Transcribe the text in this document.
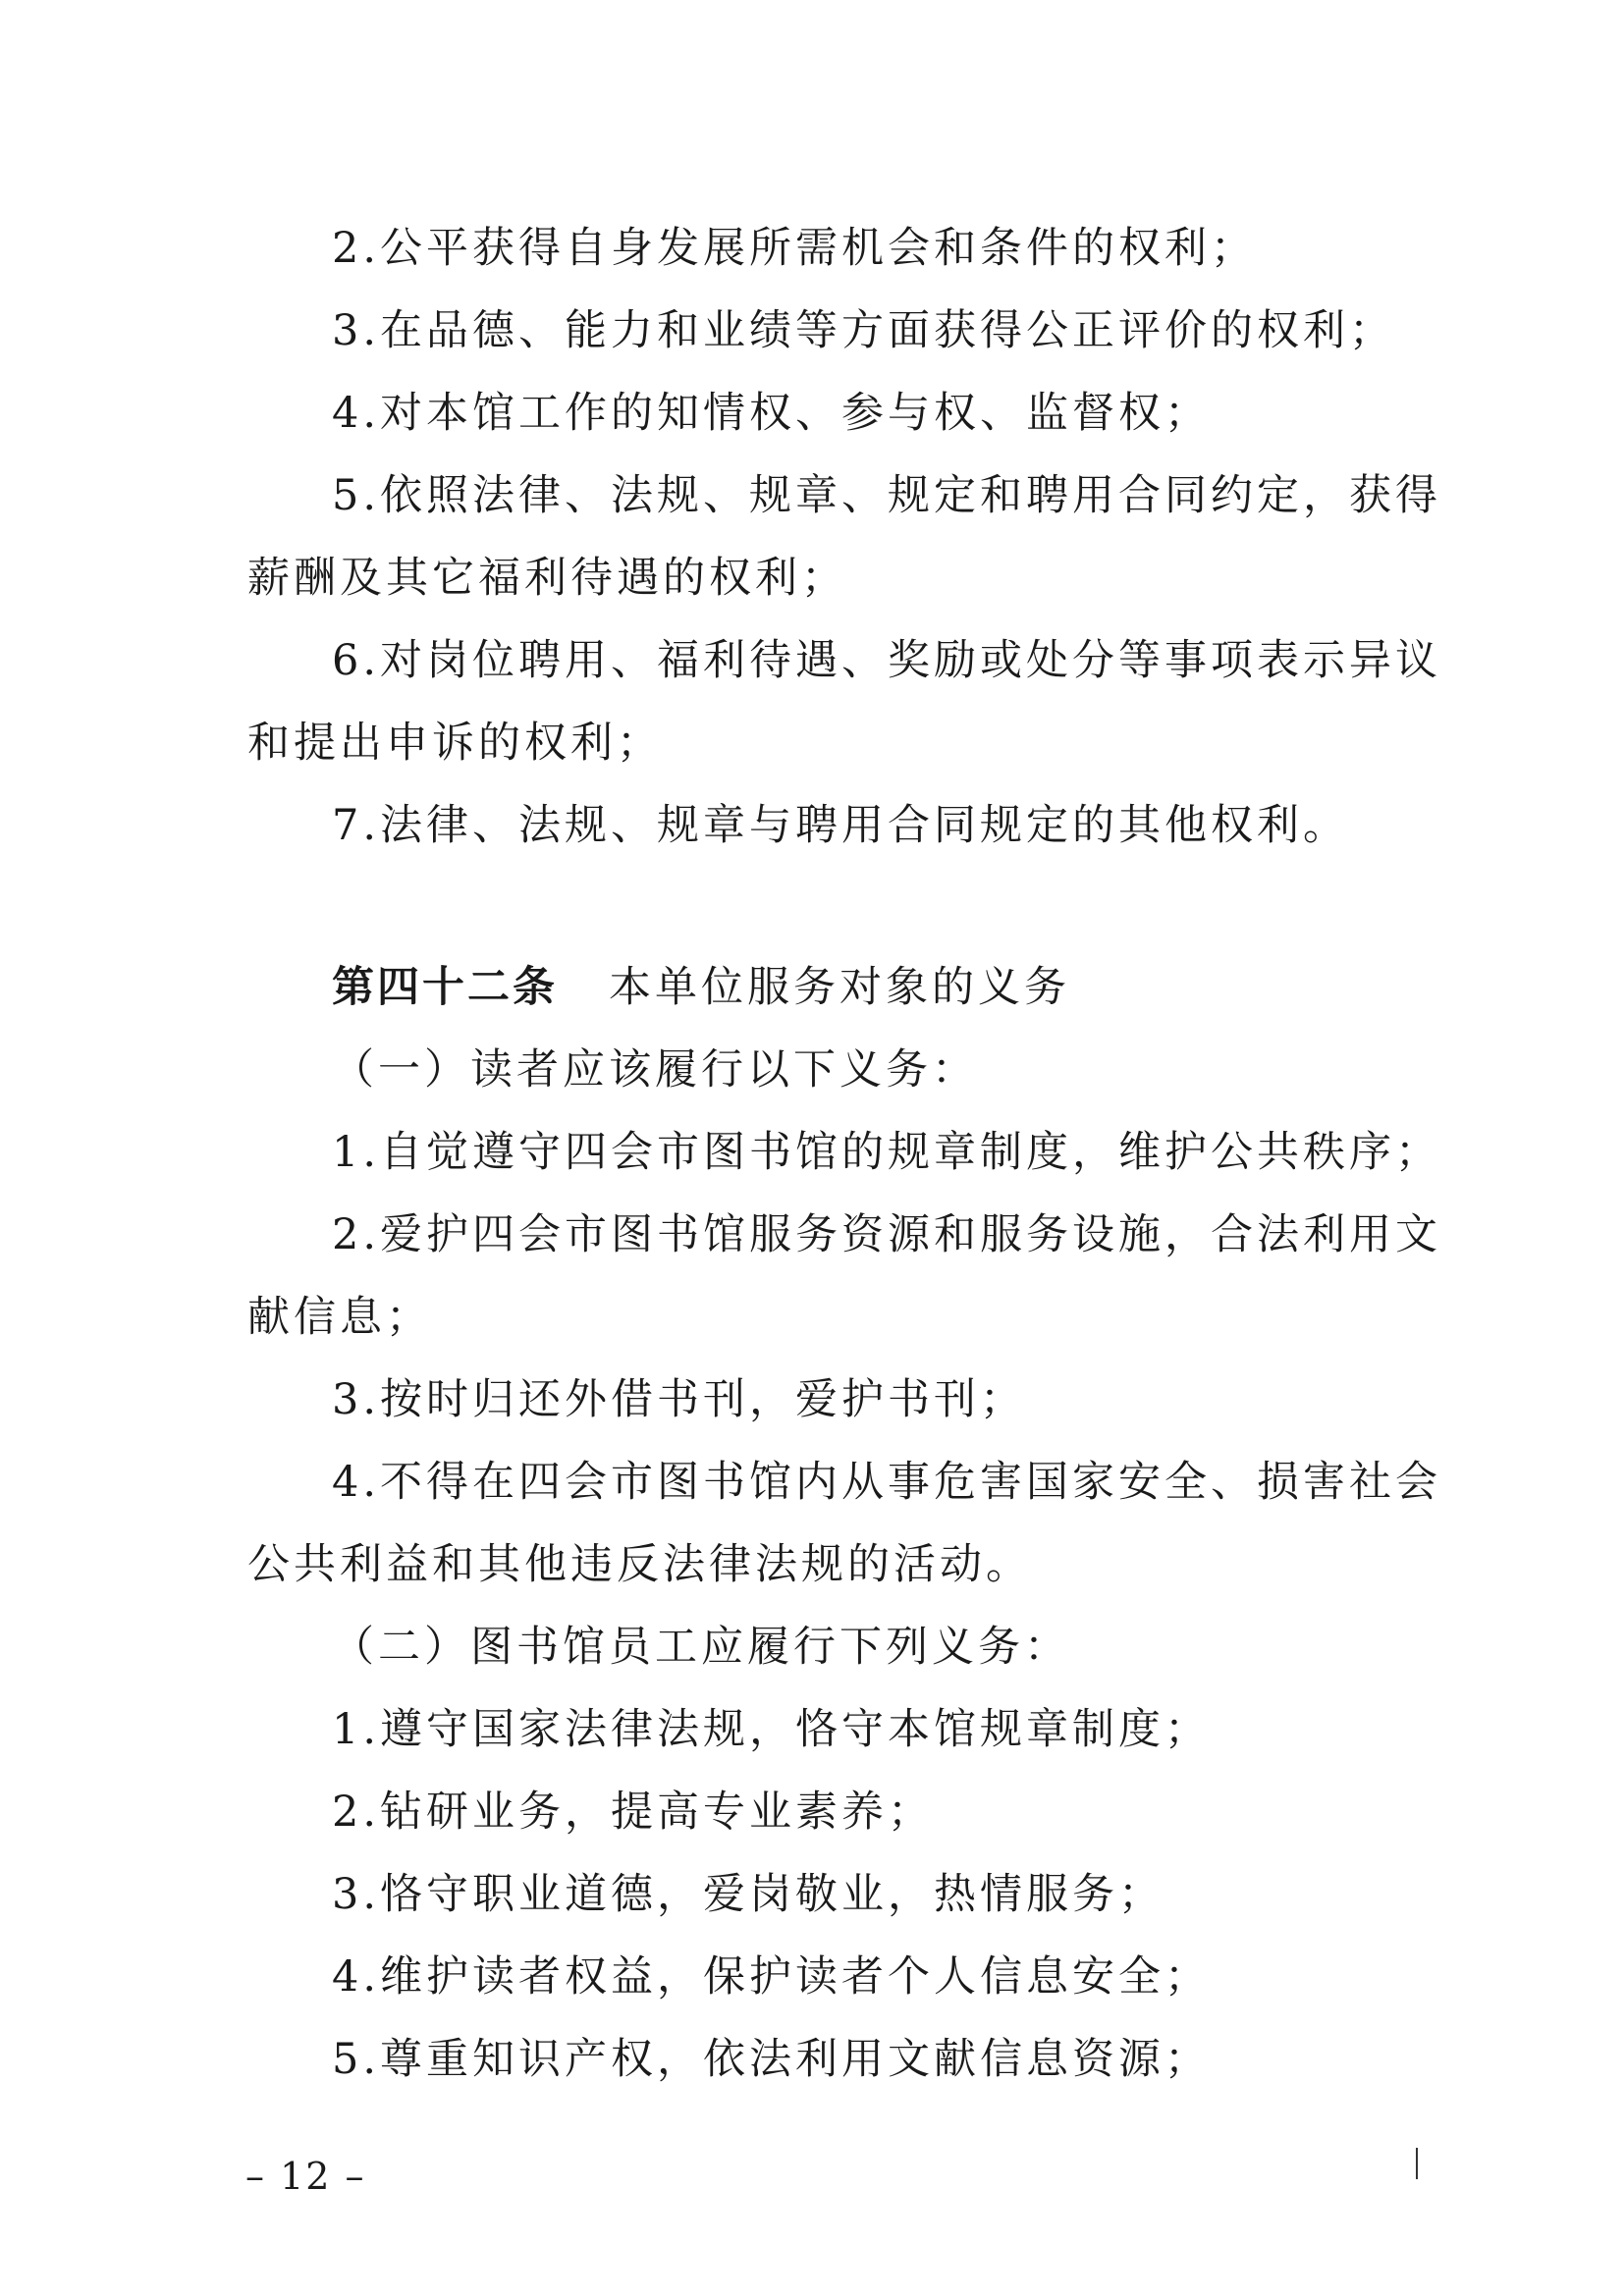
2.公平获得自身发展所需机会和条件的权利；
3.在品德、能力和业绩等方面获得公正评价的权利；
4.对本馆工作的知情权、参与权、监督权；
5.依照法律、法规、规章、规定和聘用合同约定，获得
薪酬及其它福利待遇的权利；
6.对岗位聘用、福利待遇、奖励或处分等事项表示异议
和提出申诉的权利；
7.法律、法规、规章与聘用合同规定的其他权利。
第四十二条 本单位服务对象的义务
（一）读者应该履行以下义务：
1.自觉遵守四会市图书馆的规章制度，维护公共秩序；
2.爱护四会市图书馆服务资源和服务设施，合法利用文
献信息；
3.按时归还外借书刊，爱护书刊；
4.不得在四会市图书馆内从事危害国家安全、损害社会
公共利益和其他违反法律法规的活动。
（二）图书馆员工应履行下列义务：
1.遵守国家法律法规，恪守本馆规章制度；
2.钻研业务，提高专业素养；
3.恪守职业道德，爱岗敬业，热情服务；
4.维护读者权益，保护读者个人信息安全；
5.尊重知识产权，依法利用文献信息资源；
– 12 –
